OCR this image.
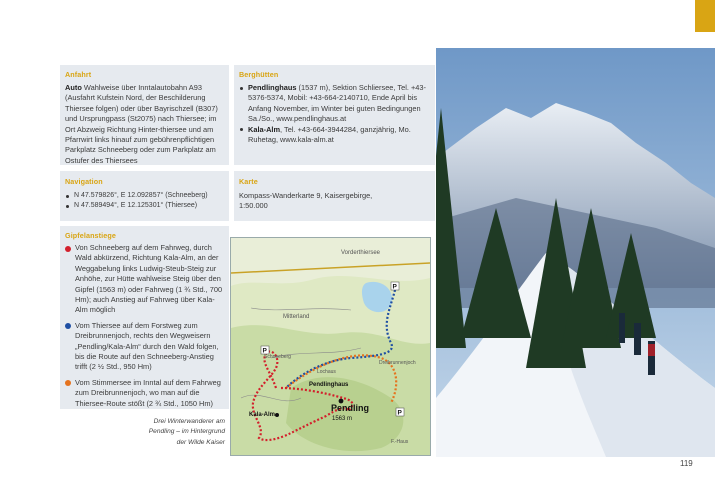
Anfahrt
Auto Wahlweise über Inntalautobahn A93 (Ausfahrt Kufstein Nord, der Beschilderung Thiersee folgen) oder über Bayrischzell (B307) und Ursprungpass (St2075) nach Thiersee; im Ort Abzweig Richtung Hinter-thiersee und am Pfarrwirt links hinauf zum gebührenpflichtigen Parkplatz Schneeberg oder zum Parkplatz am Ostufer des Thiersees
Berghütten
Pendlinghaus (1537 m), Sektion Schliersee, Tel. +43-5376-5374, Mobil: +43-664-2140710, Ende April bis Anfang November, im Winter bei guten Bedingungen Sa./So., www.pendlinghaus.at
Kala-Alm, Tel. +43-664-3944284, ganzjährig, Mo. Ruhetag, www.kala-alm.at
Navigation
N 47.579826°, E 12.092857° (Schneeberg)
N 47.589494°, E 12.125301° (Thiersee)
Karte
Kompass-Wanderkarte 9, Kaisergebirge, 1:50.000
Gipfelanstiege
Von Schneeberg auf dem Fahrweg, durch Wald abkürzend, Richtung Kala-Alm, an der Weggabelung links Ludwig-Steub-Steig zur Anhöhe, zur Hütte wahlweise Steig über den Gipfel (1563 m) oder Fahrweg (1 ¾ Std., 700 Hm); auch Anstieg auf Fahrweg über Kala-Alm möglich
Vom Thiersee auf dem Forstweg zum Dreibrunnenjoch, rechts den Wegweisern „Pendling/Kala-Alm“ durch den Wald folgen, bis die Route auf den Schneeberg-Anstieg trifft (2 ½ Std., 950 Hm)
Vom Stimmersee im Inntal auf dem Fahrweg zum Dreibrunnenjoch, wo man auf die Thiersee-Route stößt (2 ¾ Std., 1050 Hm)
Vorderthiersee
Mitterland
Schneeberg
Pendlinghaus
Pendling
1563 m
Kala-Alm
Dreibrunnenjoch
Lochaus
F.-Haus
P
P
P
Drei Winterwanderer am Pendling – im Hintergrund der Wilde Kaiser
119
